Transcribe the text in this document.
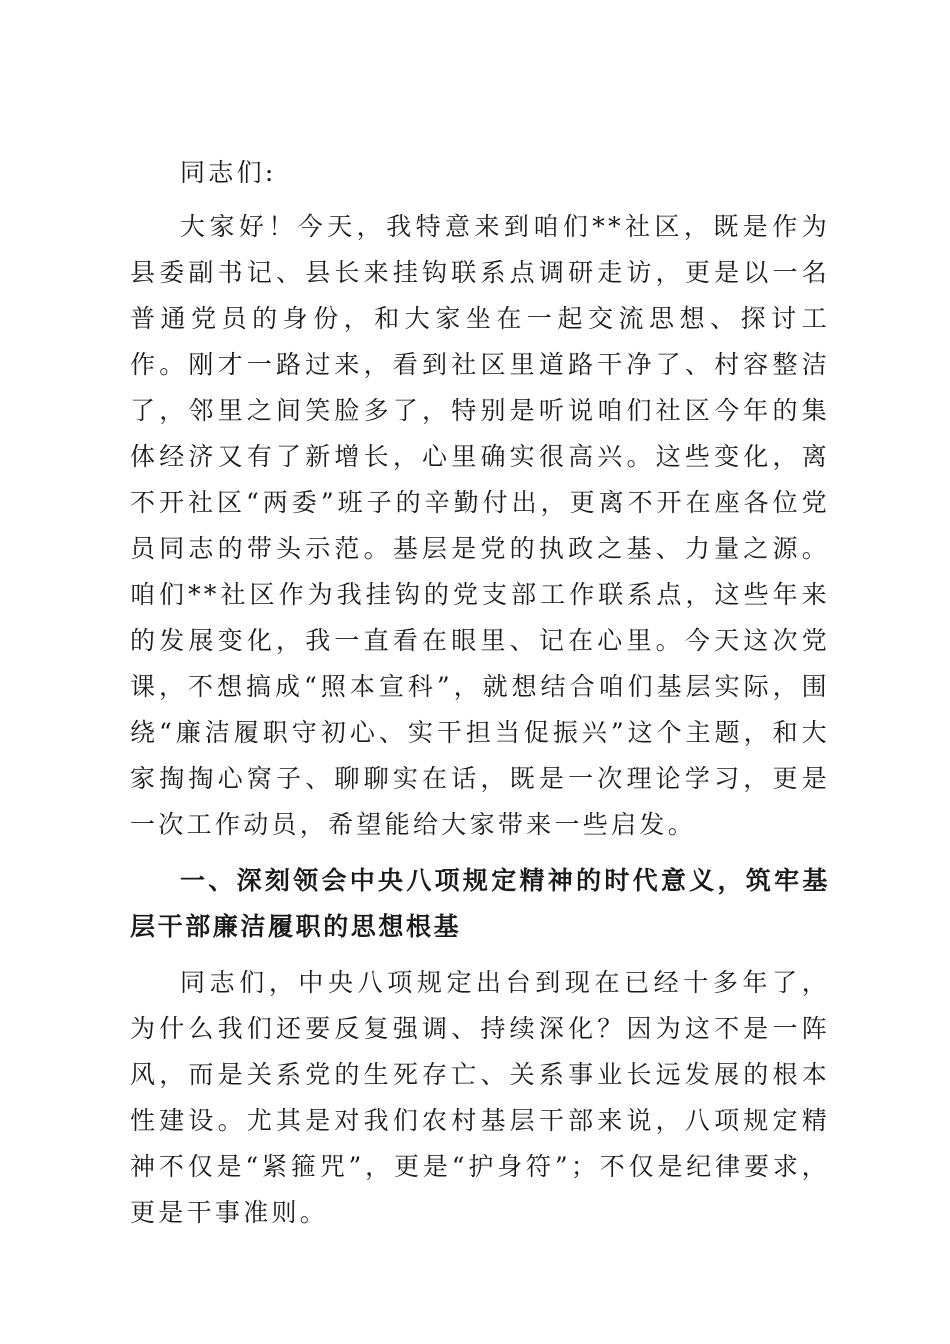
同志们:

大家好！今天，我特意来到咱们**社区，既是作为县委副书记、县长来挂钩联系点调研走访，更是以一名普通党员的身份，和大家坐在一起交流思想、探讨工作。刚才一路过来，看到社区里道路干净了、村容整洁了，邻里之间笑脸多了，特别是听说咱们社区今年的集体经济又有了新增长，心里确实很高兴。这些变化，离不开社区“两委”班子的辛勤付出，更离不开在座各位党员同志的带头示范。基层是党的执政之基、力量之源。咱们**社区作为我挂钩的党支部工作联系点，这些年来的发展变化，我一直看在眼里、记在心里。今天这次党课，不想搞成“照本宣科”，就想结合咱们基层实际，围绕“廉洁履职守初心、实干担当促振兴”这个主题，和大家掏掏心窝子、聊聊实在话，既是一次理论学习，更是一次工作动员，希望能给大家带来一些启发。

一、深刻领会中央八项规定精神的时代意义，筑牢基层干部廉洁履职的思想根基

同志们，中央八项规定出台到现在已经十多年了，为什么我们还要反复强调、持续深化？因为这不是一阵风，而是关系党的生死存亡、关系事业长远发展的根本性建设。尤其是对我们农村基层干部来说，八项规定精神不仅是“紧箍咒”，更是“护身符”；不仅是纪律要求，更是干事准则。
